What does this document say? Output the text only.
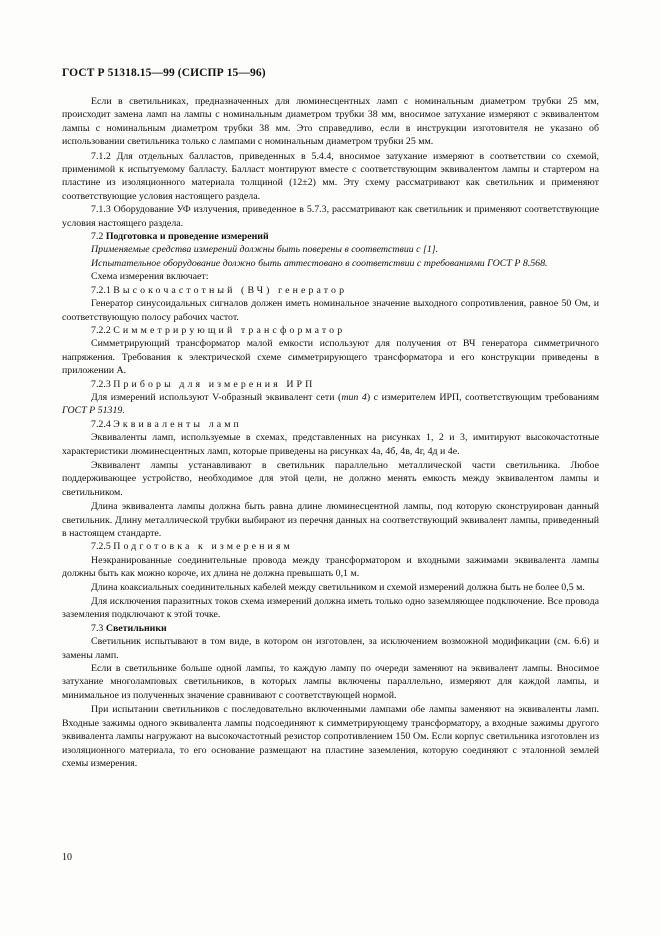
ГОСТ Р 51318.15—99 (СИСПР 15—96)

Если в светильниках, предназначенных для люминесцентных ламп с номинальным диаметром трубки 25 мм, происходит замена ламп на лампы с номинальным диаметром трубки 38 мм, вносимое затухание измеряют с эквивалентом лампы с номинальным диаметром трубки 38 мм. Это справедливо, если в инструкции изготовителя не указано об использовании светильника только с лампами с номинальным диаметром трубки 25 мм.

7.1.2 Для отдельных балластов, приведенных в 5.4.4, вносимое затухание измеряют в соответствии со схемой, применимой к испытуемому балласту. Балласт монтируют вместе с соответствующим эквивалентом лампы и стартером на пластине из изоляционного материала толщиной (12±2) мм. Эту схему рассматривают как светильник и применяют соответствующие условия настоящего раздела.

7.1.3 Оборудование УФ излучения, приведенное в 5.7.3, рассматривают как светильник и применяют соответствующие условия настоящего раздела.

7.2 Подготовка и проведение измерений

Применяемые средства измерений должны быть поверены в соответствии с [1].

Испытательное оборудование должно быть аттестовано в соответствии с требованиями ГОСТ Р 8.568.

Схема измерения включает:

7.2.1 Высокочастотный (ВЧ) генератор

Генератор синусоидальных сигналов должен иметь номинальное значение выходного сопротивления, равное 50 Ом, и соответствующую полосу рабочих частот.

7.2.2 Симметрирующий трансформатор

Симметрирующий трансформатор малой емкости используют для получения от ВЧ генератора симметричного напряжения. Требования к электрической схеме симметрирующего трансформатора и его конструкции приведены в приложении А.

7.2.3 Приборы для измерения ИРП

Для измерений используют V-образный эквивалент сети (тип 4) с измерителем ИРП, соответствующим требованиям ГОСТ Р 51319.

7.2.4 Эквиваленты ламп

Эквиваленты ламп, используемые в схемах, представленных на рисунках 1, 2 и 3, имитируют высокочастотные характеристики люминесцентных ламп, которые приведены на рисунках 4а, 4б, 4в, 4г, 4д и 4е.

Эквивалент лампы устанавливают в светильник параллельно металлической части светильника. Любое поддерживающее устройство, необходимое для этой цели, не должно менять емкость между эквивалентом лампы и светильником.

Длина эквивалента лампы должна быть равна длине люминесцентной лампы, под которую сконструирован данный светильник. Длину металлической трубки выбирают из перечня данных на соответствующий эквивалент лампы, приведенный в настоящем стандарте.

7.2.5 Подготовка к измерениям

Неэкранированные соединительные провода между трансформатором и входными зажимами эквивалента лампы должны быть как можно короче, их длина не должна превышать 0,1 м.

Длина коаксиальных соединительных кабелей между светильником и схемой измерений должна быть не более 0,5 м.

Для исключения паразитных токов схема измерений должна иметь только одно заземляющее подключение. Все провода заземления подключают к этой точке.

7.3 Светильники

Светильник испытывают в том виде, в котором он изготовлен, за исключением возможной модификации (см. 6.6) и замены ламп.

Если в светильнике больше одной лампы, то каждую лампу по очереди заменяют на эквивалент лампы. Вносимое затухание многоламповых светильников, в которых лампы включены параллельно, измеряют для каждой лампы, и минимальное из полученных значение сравнивают с соответствующей нормой.

При испытании светильников с последовательно включенными лампами обе лампы заменяют на эквиваленты ламп. Входные зажимы одного эквивалента лампы подсоединяют к симметрирующему трансформатору, а входные зажимы другого эквивалента лампы нагружают на высокочастотный резистор сопротивлением 150 Ом. Если корпус светильника изготовлен из изоляционного материала, то его основание размещают на пластине заземления, которую соединяют с эталонной землей схемы измерения.

10
